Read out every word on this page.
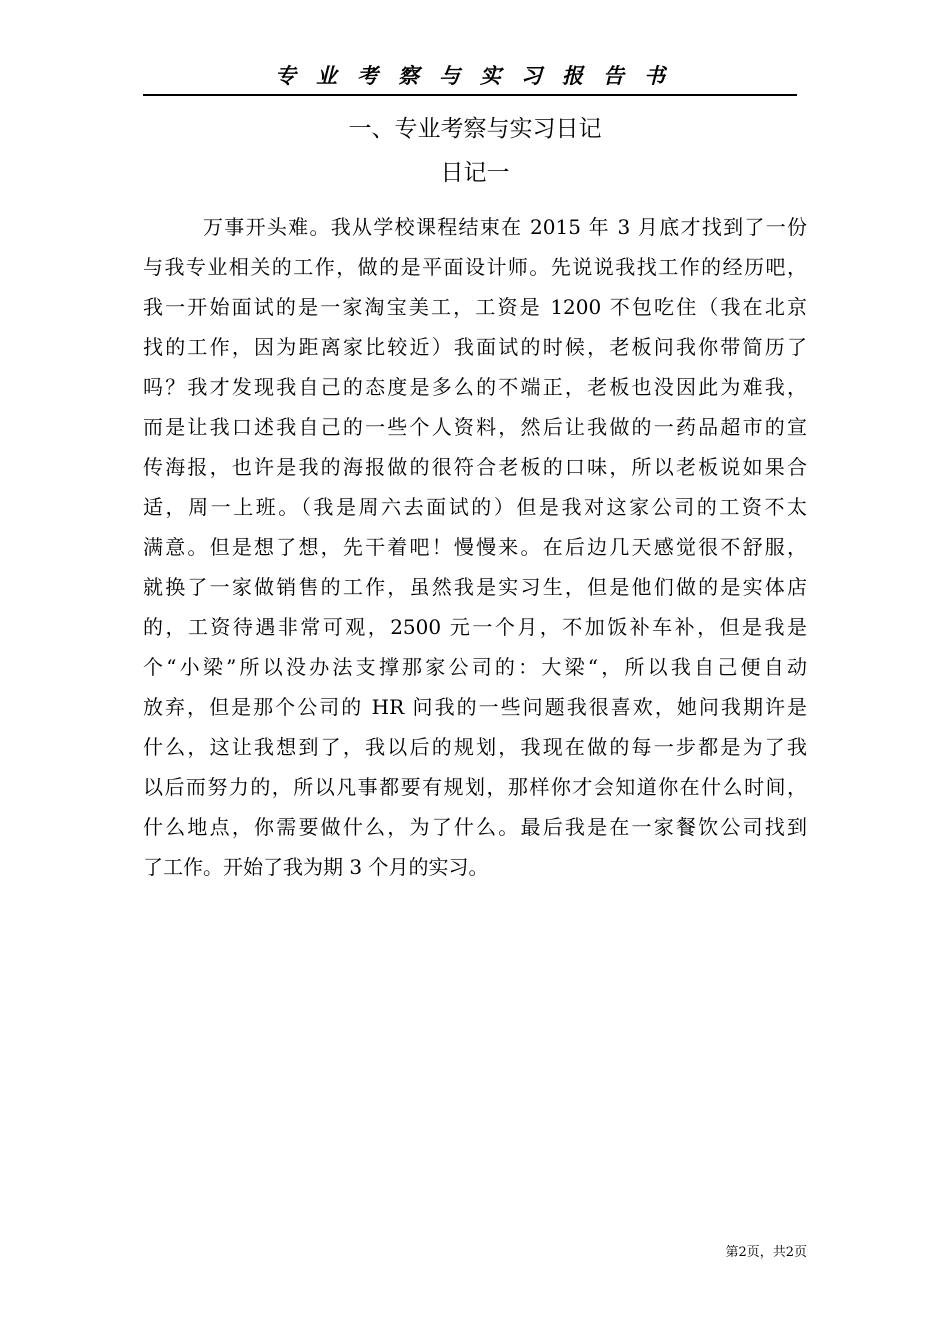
专业考察与实习报告书
一、专业考察与实习日记
日记一
万事开头难。我从学校课程结束在 2015 年 3 月底才找到了一份
与我专业相关的工作，做的是平面设计师。先说说我找工作的经历吧，
我一开始面试的是一家淘宝美工，工资是 1200 不包吃住（我在北京
找的工作，因为距离家比较近）我面试的时候，老板问我你带简历了
吗？我才发现我自己的态度是多么的不端正，老板也没因此为难我，
而是让我口述我自己的一些个人资料，然后让我做的一药品超市的宣
传海报，也许是我的海报做的很符合老板的口味，所以老板说如果合
适，周一上班。（我是周六去面试的）但是我对这家公司的工资不太
满意。但是想了想，先干着吧！慢慢来。在后边几天感觉很不舒服，
就换了一家做销售的工作，虽然我是实习生，但是他们做的是实体店
的，工资待遇非常可观，2500 元一个月，不加饭补车补，但是我是
个“小梁”所以没办法支撑那家公司的：大梁“，所以我自己便自动
放弃，但是那个公司的 HR 问我的一些问题我很喜欢，她问我期许是
什么，这让我想到了，我以后的规划，我现在做的每一步都是为了我
以后而努力的，所以凡事都要有规划，那样你才会知道你在什么时间，
什么地点，你需要做什么，为了什么。最后我是在一家餐饮公司找到
了工作。开始了我为期 3 个月的实习。
第2页，共2页
